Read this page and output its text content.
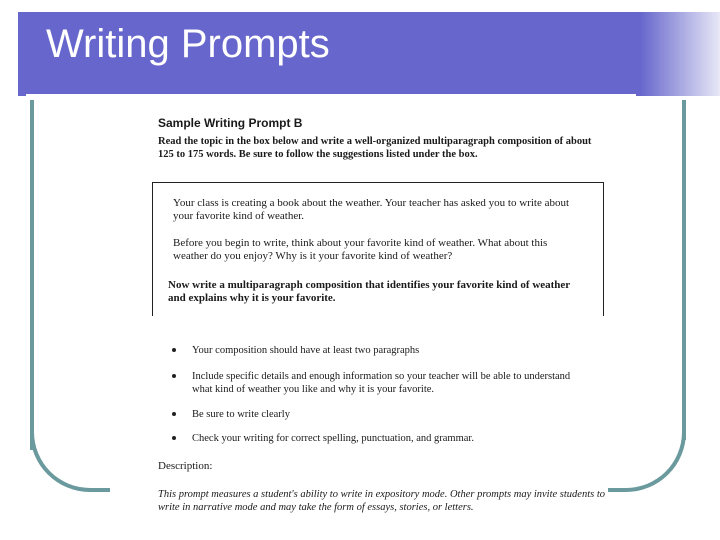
Writing Prompts
Sample Writing Prompt B
Read the topic in the box below and write a well-organized multiparagraph composition of about 125 to 175 words. Be sure to follow the suggestions listed under the box.
Your class is creating a book about the weather. Your teacher has asked you to write about your favorite kind of weather.
Before you begin to write, think about your favorite kind of weather. What about this weather do you enjoy? Why is it your favorite kind of weather?
Now write a multiparagraph composition that identifies your favorite kind of weather and explains why it is your favorite.
Your composition should have at least two paragraphs
Include specific details and enough information so your teacher will be able to understand what kind of weather you like and why it is your favorite.
Be sure to write clearly
Check your writing for correct spelling, punctuation, and grammar.
Description:
This prompt measures a student's ability to write in expository mode. Other prompts may invite students to write in narrative mode and may take the form of essays, stories, or letters.
